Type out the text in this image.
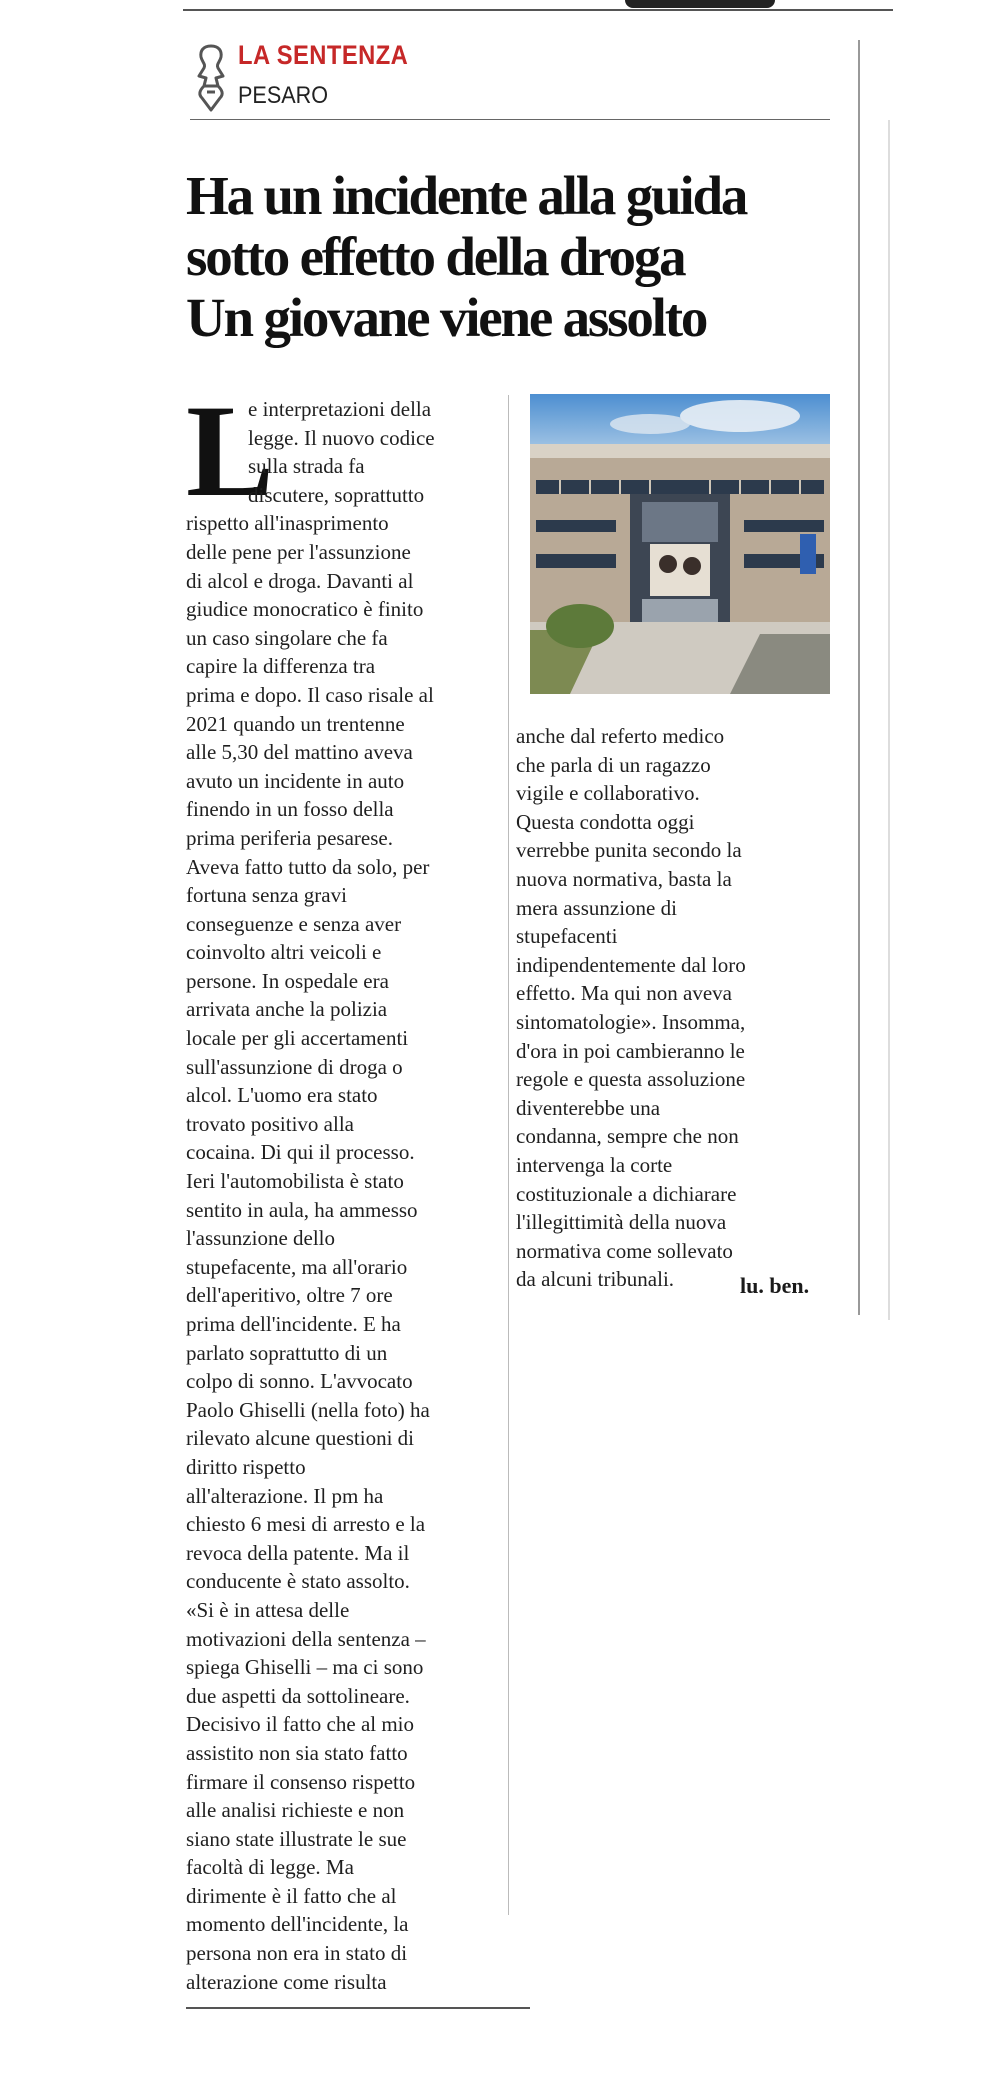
LA SENTENZA
PESARO
Ha un incidente alla guida
sotto effetto della droga
Un giovane viene assolto
L
e interpretazioni della
legge. Il nuovo codice
sulla strada fa
discutere, soprattutto
rispetto all'inasprimento
delle pene per l'assunzione
di alcol e droga. Davanti al
giudice monocratico è finito
un caso singolare che fa
capire la differenza tra
prima e dopo. Il caso risale al
2021 quando un trentenne
alle 5,30 del mattino aveva
avuto un incidente in auto
finendo in un fosso della
prima periferia pesarese.
Aveva fatto tutto da solo, per
fortuna senza gravi
conseguenze e senza aver
coinvolto altri veicoli e
persone. In ospedale era
arrivata anche la polizia
locale per gli accertamenti
sull'assunzione di droga o
alcol. L'uomo era stato
trovato positivo alla
cocaina. Di qui il processo.
Ieri l'automobilista è stato
sentito in aula, ha ammesso
l'assunzione dello
stupefacente, ma all'orario
dell'aperitivo, oltre 7 ore
prima dell'incidente. E ha
parlato soprattutto di un
colpo di sonno. L'avvocato
Paolo Ghiselli (nella foto) ha
rilevato alcune questioni di
diritto rispetto
all'alterazione. Il pm ha
chiesto 6 mesi di arresto e la
revoca della patente. Ma il
conducente è stato assolto.
«Si è in attesa delle
motivazioni della sentenza –
spiega Ghiselli – ma ci sono
due aspetti da sottolineare.
Decisivo il fatto che al mio
assistito non sia stato fatto
firmare il consenso rispetto
alle analisi richieste e non
siano state illustrate le sue
facoltà di legge. Ma
dirimente è il fatto che al
momento dell'incidente, la
persona non era in stato di
alterazione come risulta
anche dal referto medico
che parla di un ragazzo
vigile e collaborativo.
Questa condotta oggi
verrebbe punita secondo la
nuova normativa, basta la
mera assunzione di
stupefacenti
indipendentemente dal loro
effetto. Ma qui non aveva
sintomatologie». Insomma,
d'ora in poi cambieranno le
regole e questa assoluzione
diventerebbe una
condanna, sempre che non
intervenga la corte
costituzionale a dichiarare
l'illegittimità della nuova
normativa come sollevato
da alcuni tribunali.	lu. ben.
